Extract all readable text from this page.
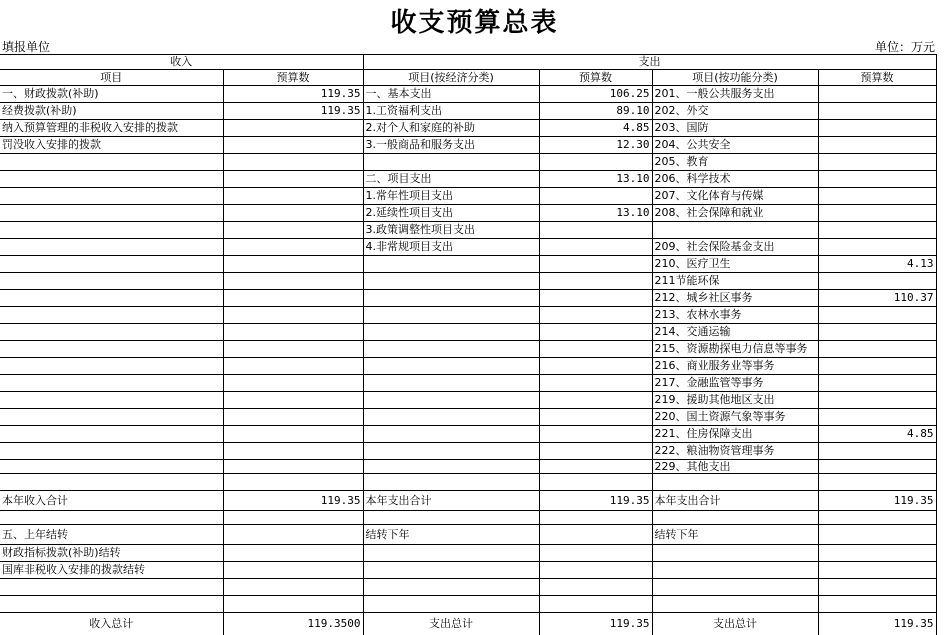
收支预算总表
填报单位	单位：万元
收入		支出			
项目	预算数	项目(按经济分类)	预算数	项目(按功能分类)	预算数
一、财政拨款(补助)	119.35	一、基本支出	106.25	201、一般公共服务支出	
经费拨款(补助)	119.35	1.工资福利支出	89.10	202、外交	
纳入预算管理的非税收入安排的拨款		2.对个人和家庭的补助	4.85	203、国防	
罚没收入安排的拨款		3.一般商品和服务支出	12.30	204、公共安全	
				205、教育	
		二、项目支出	13.10	206、科学技术	
		1.常年性项目支出		207、文化体育与传媒	
		2.延续性项目支出	13.10	208、社会保障和就业	
		3.政策调整性项目支出			
		4.非常规项目支出		209、社会保险基金支出	
				210、医疗卫生	4.13
				211节能环保	
				212、城乡社区事务	110.37
				213、农林水事务	
				214、交通运输	
				215、资源勘探电力信息等事务	
				216、商业服务业等事务	
				217、金融监管等事务	
				219、援助其他地区支出	
				220、国土资源气象等事务	
				221、住房保障支出	4.85
				222、粮油物资管理事务	
				229、其他支出	

本年收入合计	119.35	本年支出合计	119.35	本年支出合计	119.35

五、上年结转		结转下年		结转下年	
财政指标拨款(补助)结转					
国库非税收入安排的拨款结转					

收入总计	119.3500	支出总计	119.35	支出总计	119.35
